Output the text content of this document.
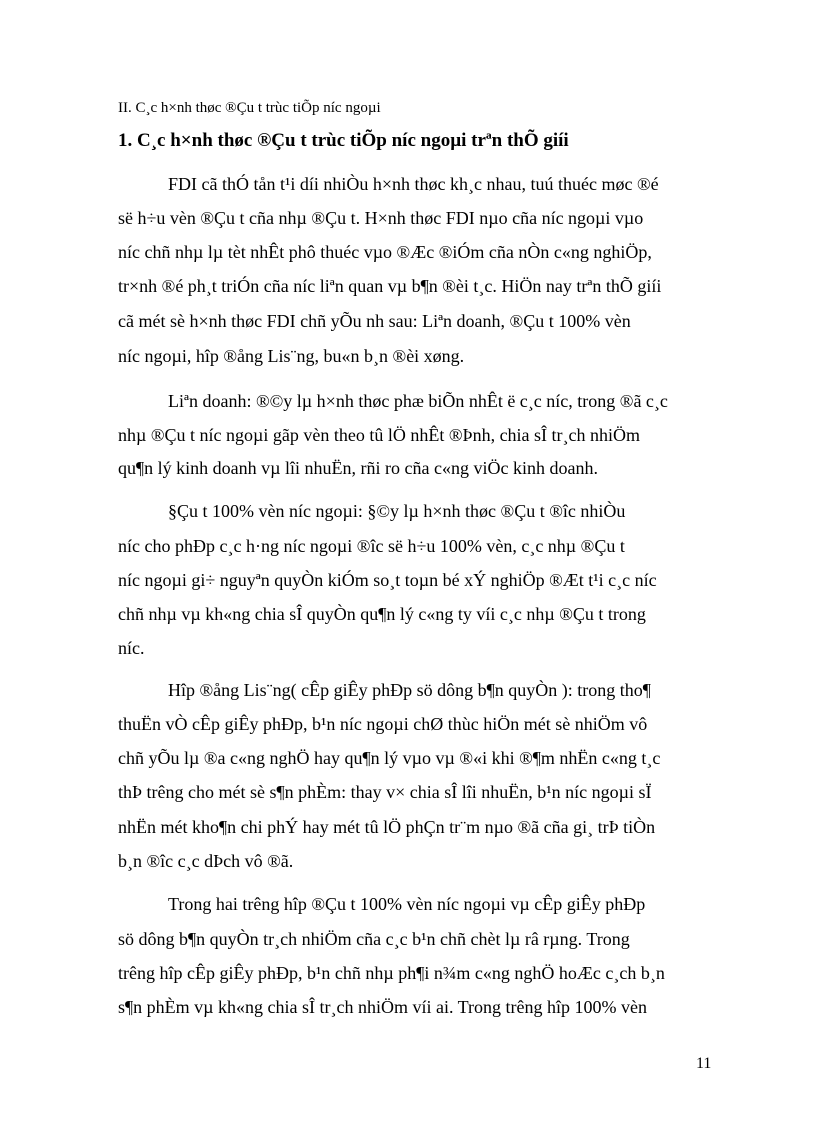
II. C¸c h×nh thøc ®Çu t trùc tiÕp níc ngoµi

1. C¸c h×nh thøc ®Çu t trùc tiÕp níc ngoµi trªn thÕ giíi
FDI cã thÓ tån t¹i díi nhiÒu h×nh thøc kh¸c nhau, tuú thuéc møc ®é
së h÷u vèn ®Çu t cña nhµ ®Çu t. H×nh thøc FDI nµo cña níc ngoµi vµo
níc chñ nhµ lµ tèt nhÊt phô thuéc vµo ®Æc ®iÓm cña nÒn c«ng nghiÖp,
tr×nh ®é ph¸t triÓn cña níc liªn quan vµ b¶n ®èi t¸c. HiÖn nay trªn thÕ giíi
cã mét sè h×nh thøc FDI chñ yÕu nh sau: Liªn doanh, ®Çu t 100% vèn
níc ngoµi, hîp ®ång Lis¨ng, bu«n b¸n ®èi xøng.
Liªn doanh: ®©y lµ h×nh thøc phæ biÕn nhÊt ë c¸c níc, trong ®ã c¸c
nhµ ®Çu t níc ngoµi gãp vèn theo tû lÖ nhÊt ®Þnh, chia sÎ tr¸ch nhiÖm
qu¶n lý kinh doanh vµ lîi nhuËn, rñi ro cña c«ng viÖc kinh doanh.
§Çu t 100% vèn níc ngoµi: §©y lµ h×nh thøc ®Çu t ®îc nhiÒu
níc cho phÐp c¸c h·ng níc ngoµi ®îc së h÷u 100% vèn, c¸c nhµ ®Çu t
níc ngoµi gi÷ nguyªn quyÒn kiÓm so¸t toµn bé xÝ nghiÖp ®Æt t¹i c¸c níc
chñ nhµ vµ kh«ng chia sÎ quyÒn qu¶n lý c«ng ty víi c¸c nhµ ®Çu t trong
níc.
Hîp ®ång Lis¨ng( cÊp giÊy phÐp sö dông b¶n quyÒn ): trong tho¶
thuËn vÒ cÊp giÊy phÐp, b¹n níc ngoµi chØ thùc hiÖn mét sè nhiÖm vô
chñ yÕu lµ ®a c«ng nghÖ hay qu¶n lý vµo vµ ®«i khi ®¶m nhËn c«ng t¸c
thÞ trêng cho mét sè s¶n phÈm: thay v× chia sÎ lîi nhuËn, b¹n níc ngoµi sÏ
nhËn mét kho¶n chi phÝ hay mét tû lÖ phÇn tr¨m nµo ®ã cña gi¸ trÞ tiÒn
b¸n ®îc c¸c dÞch vô ®ã.
Trong hai trêng hîp ®Çu t 100% vèn níc ngoµi vµ cÊp giÊy phÐp
sö dông b¶n quyÒn tr¸ch nhiÖm cña c¸c b¹n chñ chèt lµ râ rµng. Trong
trêng hîp cÊp giÊy phÐp, b¹n chñ nhµ ph¶i n¾m c«ng nghÖ hoÆc c¸ch b¸n
s¶n phÈm vµ kh«ng chia sÎ tr¸ch nhiÖm víi ai. Trong trêng hîp 100% vèn
11
